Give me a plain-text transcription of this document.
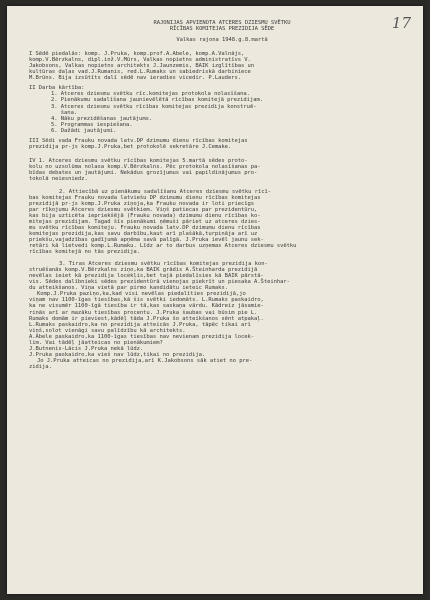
17
RAJONIJAS APVIENOTA ATCERES DZIESMU SVĒTKU
RĪCĪBAS KOMITEJAS PREZIDIJA SĒDE
Valkas rajona 1948.g.8.martā
I Sēdē piedalās: komp. J.Pruka, komp.prof.A.Abele, komp.A.Valnājs,
komp.V.Bērzkalns, dipl.inž.V.Mūrs, Valkas nopietns administratīvs V.
Jakobsons, Valkas nopietns architekts J.Jaunzemis, BAIK izglītības un
kultūras daļas vad.J.Rumanis, red.L.Rumaks un sabiedriskā darbiniece
M.Brūns. Bija izsūtīts dalī sēdē nav ieradies vicedir. P.Lauders.
II Darba kārtība:
1. Atceres dziesmu svētku rīc.komitejas protokola nolasīšana.
2. Pienākumu sadalīšana jaunievēlētā rīcības komitejā prezidijam.
3. Atceres dziesmu svētku rīcības komitejas prezidija konstruē-
šana.
4. Nāku prezidēšanas jautājums.
5. Programmas iespiešana.
6. Dažādi jautājumi.
III Sēdi vada Frauku novada latv.DP dzimumu dienu rīcības komitejas
prezidija pr-js komp.J.Pruka,bet protokolē sekretāre J.Cemake.
IV 1. Atceres dziesmu svētku rīcības komitejas 5.martā sēdes proto-
kolu no uzsolūma nolasa komp.V.Bērzkalns. Pēc protokola nolasīšanas pa-
bīdas debates un jautājumi. Nekādus grozījumus vai papildinājumus pro-
tokolā neiesniedz.
2. Attiecībā uz pienākumu sadalīšanu Atceres dziesmu svētku rīcī-
bas komitejas Frauku novada latviešu DP dzimumu dienu rīcības komitejas
prezidijā pr-js komp.J.Pruka ziņoja,ka Frauku novada ir loti priecīgs
par rīkojumu Atceres dziesmu svētkiem. Viņš patiecas par prezidentūru,
kas bija uzticēta iepriekšējā (Frauku novada) dzimumu dienu rīcības ko-
mitejas prezidijam. Tagad šīs pienākumi ņēmuši pāriet uz atceres dzies-
mu svētku rīcības komiteju. Frauku novada latv.DP dzimumu dienu rīcības
komitejas prezidija,kas savu darbību,kaut arī plašākā,turpināja arī uz
priekšu,vajadzības gadījumā apņēma savā palīgā. J.Pruka ievēl jaunu sek-
retāri kā lietvedi komp.L.Rumaku. Līdz ar to darbus uzņemas Atceres dziesmu svētku
rīcības komitejā no tās prezidija.
3. Tiras Atceres dziesmu svētku rīcības komitejas prezidija kon-
struēšanās komp.V.Bērzkalns ziņo,ka BAIK grādis A.Šteinharda prezidijā
nevēlas ieiet kā prezidija locekļis,bet tajā piedalīsies kā BAIK pārstā-
vis. Sēdes dalībnieki sēdes prezidentūrā vienojas piekrīt un piesaka A.Šteinhar-
du atteikšanos. Viņa vietā par pirmo kandidātu ieteic Rumaks.
Komp.J.Pruka paziņo,ka,kad visi nevēlas piedalīties prezidijā,jo
viņam nav 1100-īgas tiesības,kā šis svētki iedomāts. L.Rumaks paskaidro,
ka ne visumēr 1100-īgā tiesība ir tā,kas saskaņa vārdu. Kādreiz jāsamie-
rinās arī ar mazāku tiesības procentu. J.Pruka šaubas vai būsim pie L.
Rumaks domām ir pieviest,kādēļ tāda J.Pruka šo atteikšanos sēnt atpakaļ.
L.Rumaks paskaidro,ka no prezidija atteicās J.Pruka, tāpēc tikai arī
viņš,solot vienāgi savu palīdzību kā architekts.
A.Abele paskaidro,ka 1100-īgas tiesības nav nevienam prezidija locek-
lim. Vai tādēļ jāatteicas no pienākumiem?
J.Butnenis-Lācis J.Pruka nekā lūdz.
J.Pruka paskaidro,ka vieš nav lūdz,tikai no prezidija.
Jo J.Pruka atteicas no prezidija,arī K.Jakobsons sāk atiet no pre-
zidija.
